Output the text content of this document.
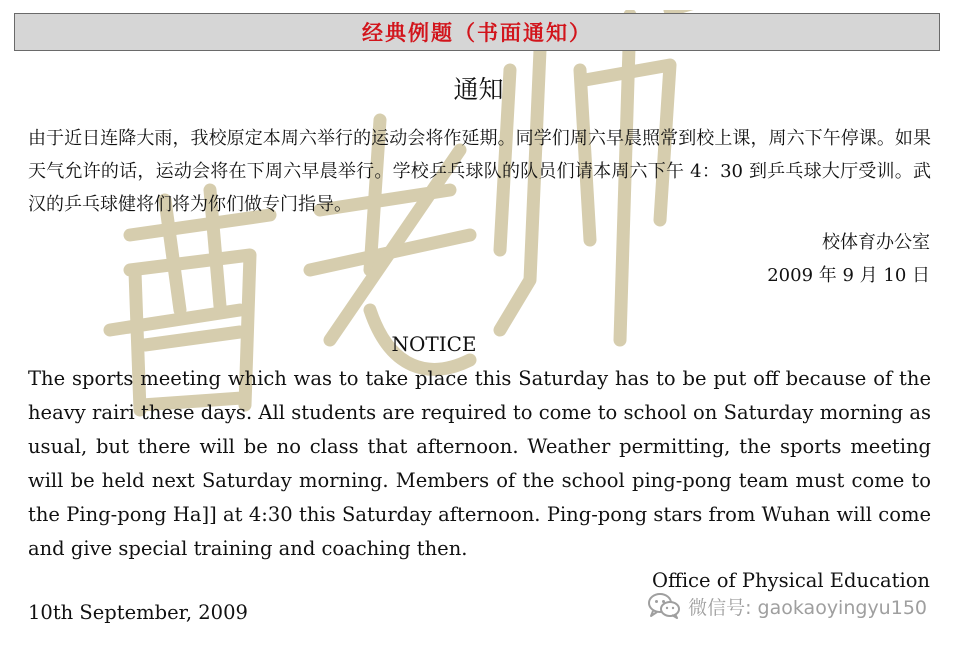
经典例题（书面通知）
通知
由于近日连降大雨，我校原定本周六举行的运动会将作延期。同学们周六早晨照常到校上课，周六下午停课。如果天气允许的话，运动会将在下周六早晨举行。学校乒乓球队的队员们请本周六下午 4：30 到乒乓球大厅受训。武汉的乒乓球健将们将为你们做专门指导。
校体育办公室
2009 年 9 月 10 日
NOTICE
The sports meeting which was to take place this Saturday has to be put off because of the heavy rairi these days. All students are required to come to school on Saturday morning as usual, but there will be no class that afternoon. Weather permitting, the sports meeting will be held next Saturday morning. Members of the school ping-pong team must come to the Ping-pong Ha]] at 4:30 this Saturday afternoon. Ping-pong stars from Wuhan will come and give special training and coaching then.
Office of Physical Education
10th September, 2009	微信号: gaokaoyingyu150
